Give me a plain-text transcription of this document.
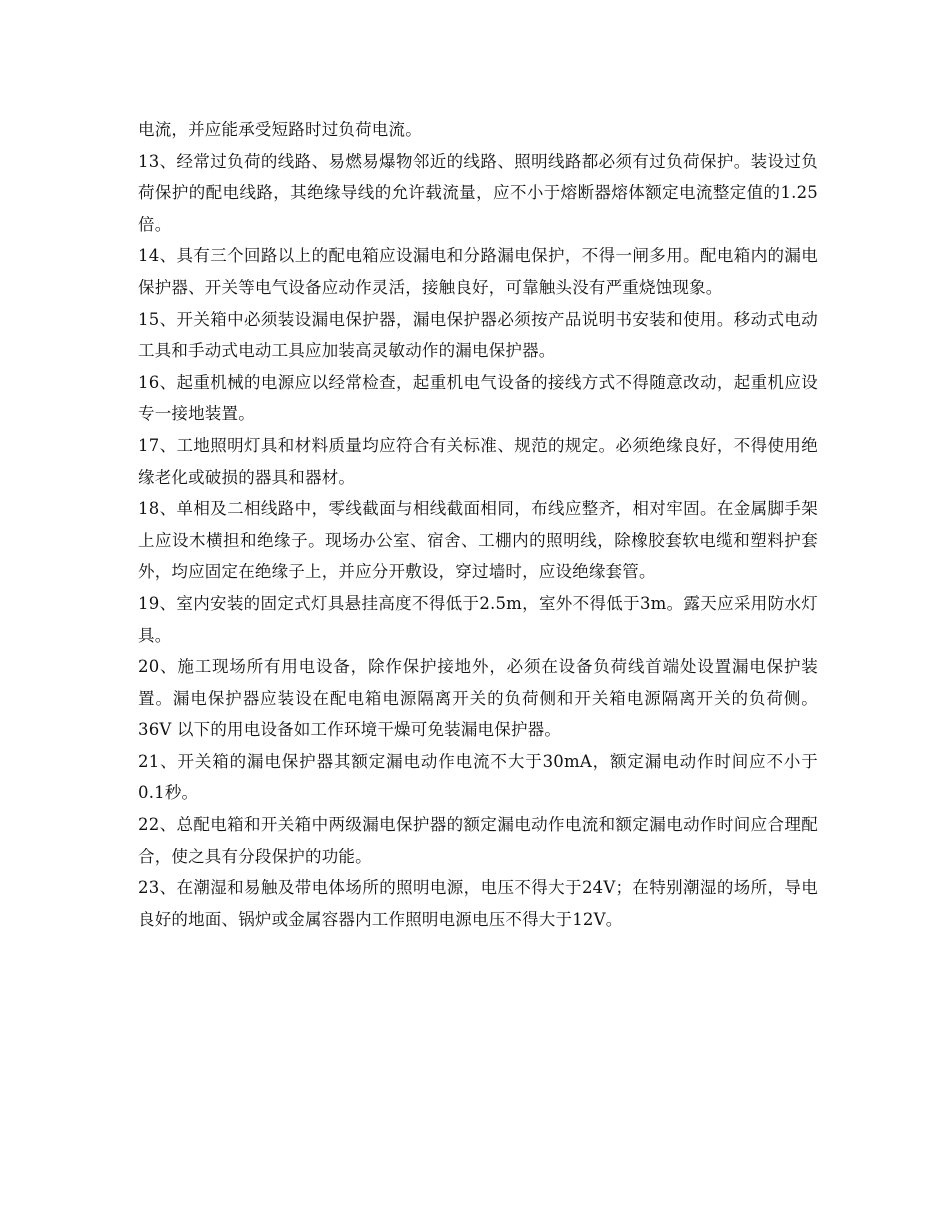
电流，并应能承受短路时过负荷电流。

13、经常过负荷的线路、易燃易爆物邻近的线路、照明线路都必须有过负荷保护。装设过负荷保护的配电线路，其绝缘导线的允许载流量，应不小于熔断器熔体额定电流整定值的1.25倍。

14、具有三个回路以上的配电箱应设漏电和分路漏电保护，不得一闸多用。配电箱内的漏电保护器、开关等电气设备应动作灵活，接触良好，可靠触头没有严重烧蚀现象。

15、开关箱中必须装设漏电保护器，漏电保护器必须按产品说明书安装和使用。移动式电动工具和手动式电动工具应加装高灵敏动作的漏电保护器。

16、起重机械的电源应以经常检查，起重机电气设备的接线方式不得随意改动，起重机应设专一接地装置。

17、工地照明灯具和材料质量均应符合有关标准、规范的规定。必须绝缘良好，不得使用绝缘老化或破损的器具和器材。

18、单相及二相线路中，零线截面与相线截面相同，布线应整齐，相对牢固。在金属脚手架上应设木横担和绝缘子。现场办公室、宿舍、工棚内的照明线，除橡胶套软电缆和塑料护套外，均应固定在绝缘子上，并应分开敷设，穿过墙时，应设绝缘套管。

19、室内安装的固定式灯具悬挂高度不得低于2.5m，室外不得低于3m。露天应采用防水灯具。

20、施工现场所有用电设备，除作保护接地外，必须在设备负荷线首端处设置漏电保护装置。漏电保护器应装设在配电箱电源隔离开关的负荷侧和开关箱电源隔离开关的负荷侧。36V 以下的用电设备如工作环境干燥可免装漏电保护器。

21、开关箱的漏电保护器其额定漏电动作电流不大于30mA，额定漏电动作时间应不小于0.1秒。

22、总配电箱和开关箱中两级漏电保护器的额定漏电动作电流和额定漏电动作时间应合理配合，使之具有分段保护的功能。

23、在潮湿和易触及带电体场所的照明电源，电压不得大于24V；在特别潮湿的场所，导电良好的地面、锅炉或金属容器内工作照明电源电压不得大于12V。
